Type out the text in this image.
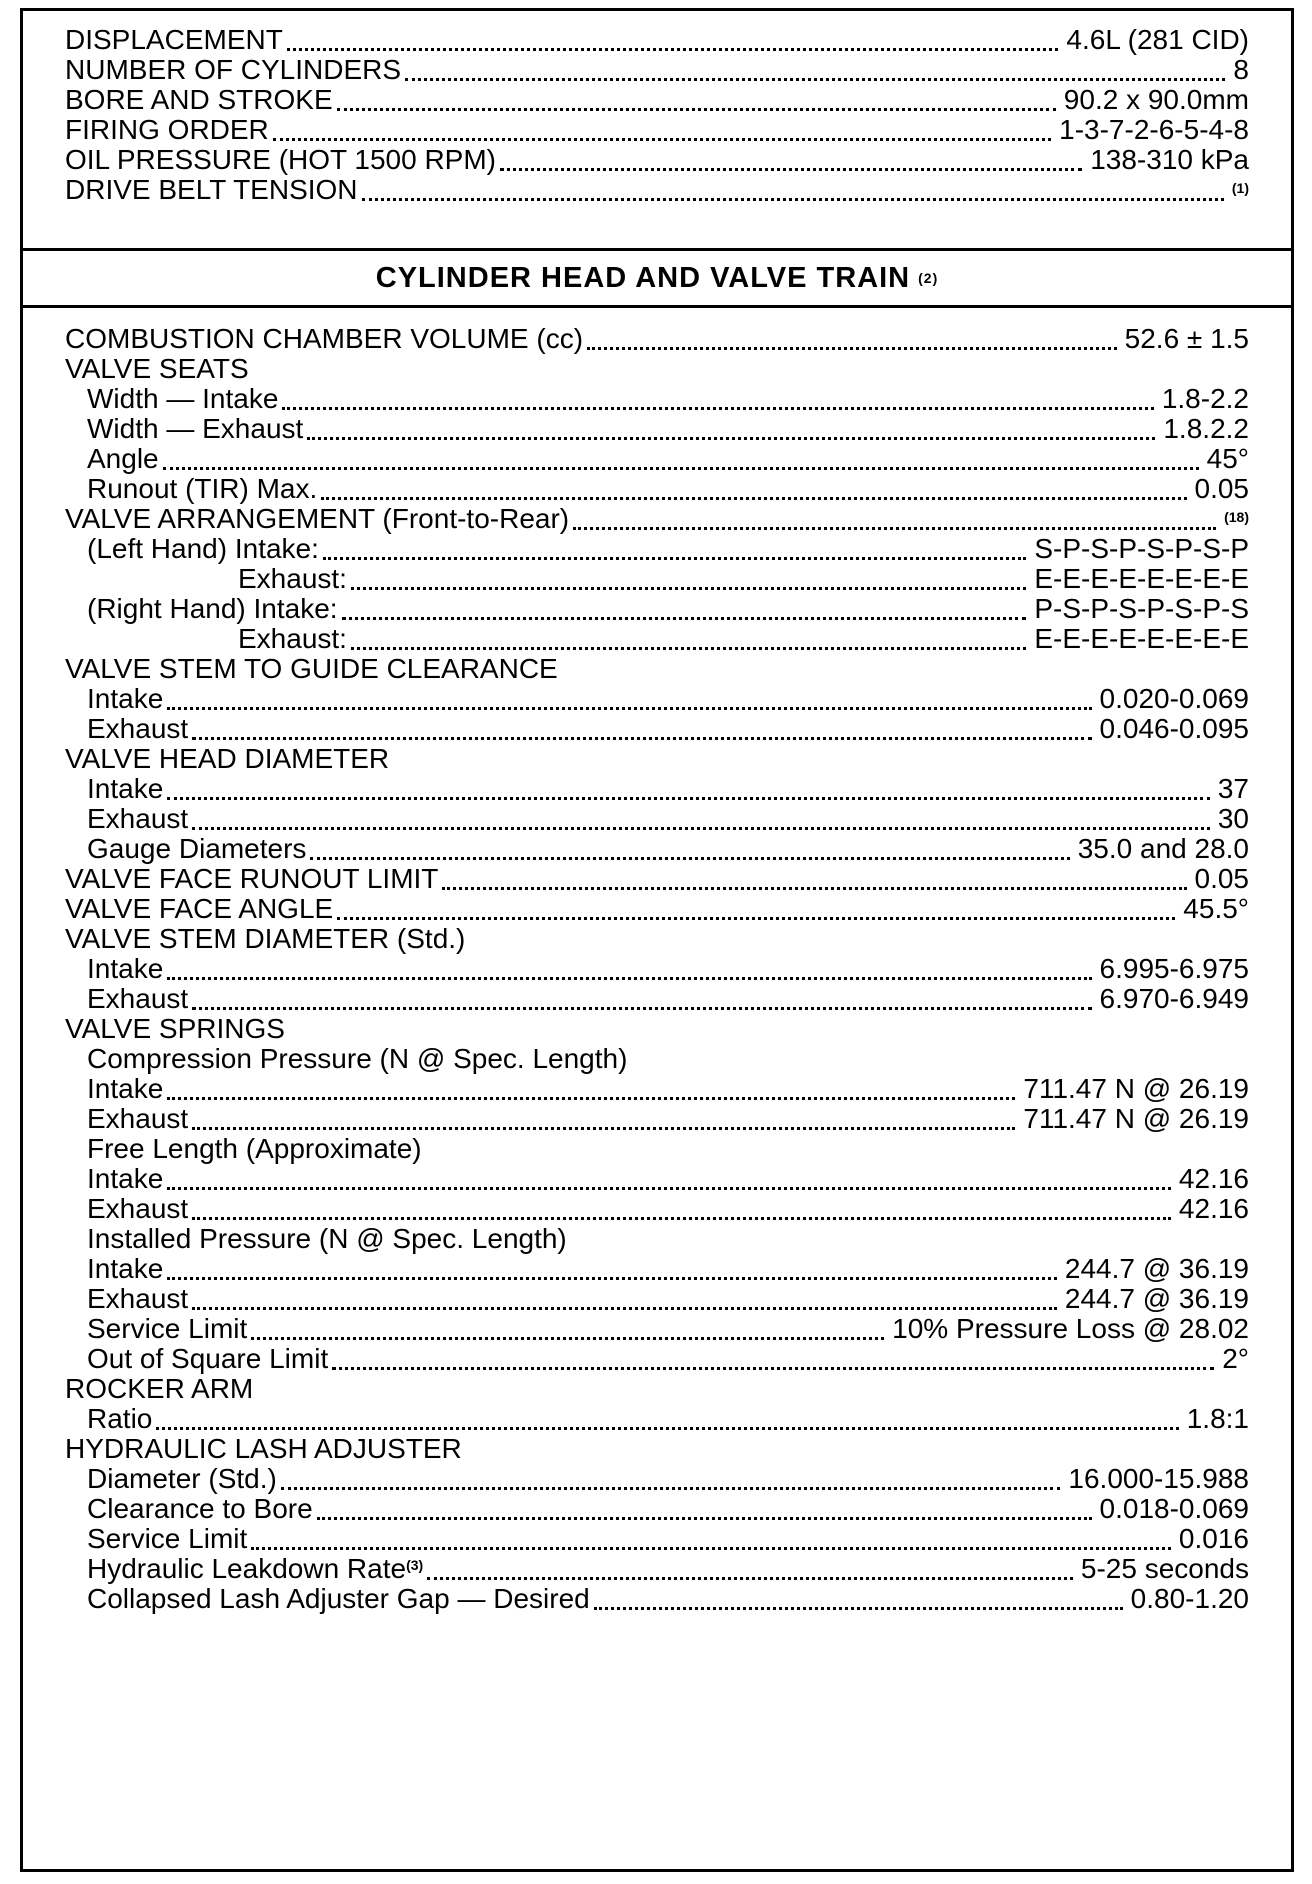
DISPLACEMENT	4.6L (281 CID)
NUMBER OF CYLINDERS	8
BORE AND STROKE	90.2 x 90.0mm
FIRING ORDER	1-3-7-2-6-5-4-8
OIL PRESSURE (HOT 1500 RPM)	138-310 kPa
DRIVE BELT TENSION	(1)
CYLINDER HEAD AND VALVE TRAIN (2)
COMBUSTION CHAMBER VOLUME (cc)	52.6 ± 1.5
VALVE SEATS
Width — Intake	1.8-2.2
Width — Exhaust	1.8.2.2
Angle	45°
Runout (TIR) Max.	0.05
VALVE ARRANGEMENT (Front-to-Rear)	(18)
(Left Hand) Intake:	S-P-S-P-S-P-S-P
Exhaust:	E-E-E-E-E-E-E-E
(Right Hand) Intake:	P-S-P-S-P-S-P-S
Exhaust:	E-E-E-E-E-E-E-E
VALVE STEM TO GUIDE CLEARANCE
Intake	0.020-0.069
Exhaust	0.046-0.095
VALVE HEAD DIAMETER
Intake	37
Exhaust	30
Gauge Diameters	35.0 and 28.0
VALVE FACE RUNOUT LIMIT	0.05
VALVE FACE ANGLE	45.5°
VALVE STEM DIAMETER (Std.)
Intake	6.995-6.975
Exhaust	6.970-6.949
VALVE SPRINGS
Compression Pressure (N @ Spec. Length)
Intake	711.47 N @ 26.19
Exhaust	711.47 N @ 26.19
Free Length (Approximate)
Intake	42.16
Exhaust	42.16
Installed Pressure (N @ Spec. Length)
Intake	244.7 @ 36.19
Exhaust	244.7 @ 36.19
Service Limit	10% Pressure Loss @ 28.02
Out of Square Limit	2°
ROCKER ARM
Ratio	1.8:1
HYDRAULIC LASH ADJUSTER
Diameter (Std.)	16.000-15.988
Clearance to Bore	0.018-0.069
Service Limit	0.016
Hydraulic Leakdown Rate (3)	5-25 seconds
Collapsed Lash Adjuster Gap — Desired	0.80-1.20
